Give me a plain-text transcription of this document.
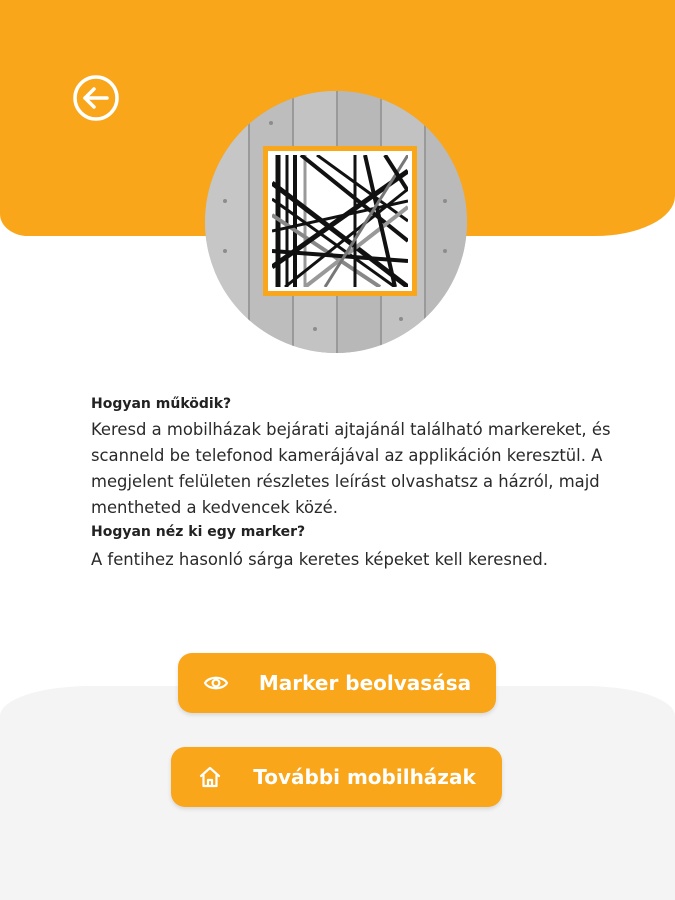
Hogyan működik?
Keresd a mobilházak bejárati ajtajánál található markereket, és scanneld be telefonod kamerájával az applikáción keresztül. A megjelent felületen részletes leírást olvashatsz a házról, majd mentheted a kedvencek közé.
Hogyan néz ki egy marker?
A fentihez hasonló sárga keretes képeket kell keresned.
Marker beolvasása
További mobilházak
